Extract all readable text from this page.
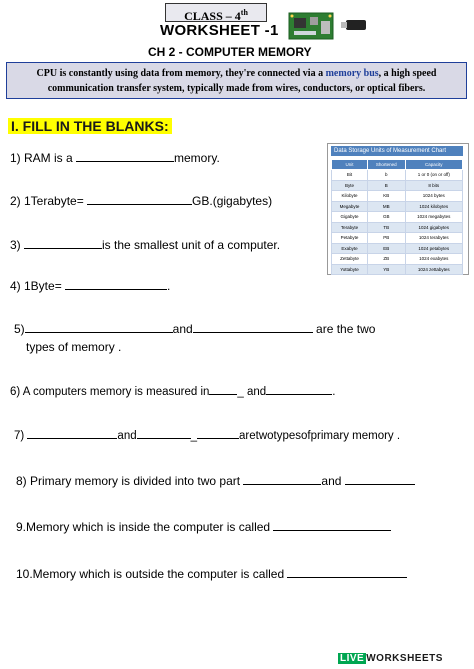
CLASS – 4th
WORKSHEET -1
CH 2 - COMPUTER MEMORY
CPU is constantly using data from memory, they're connected via a memory bus, a high speed communication transfer system, typically made from wires, conductors, or optical fibers.
I. FILL IN THE BLANKS:
1) RAM is a	memory.
2) 1Terabyte=	GB.(gigabytes)
3)	is the smallest unit of a computer.
4) 1Byte=	.
5)	and	are the two
types of memory .
6) A computers memory is measured in _ and	.
7)	and	_	aretwotypesofprimary memory .
8) Primary memory is divided into two part	and
9.Memory which is inside the computer is called
10.Memory which is outside the computer is called
Data Storage Units of Measurement Chart
Unit	Shortened	Capacity
Bit	b	1 or 0 (on or off)
Byte	B	8 bits
Kilobyte	KB	1024 bytes
Megabyte	MB	1024 kilobytes
Gigabyte	GB	1024 megabytes
Terabyte	TB	1024 gigabytes
Petabyte	PB	1024 terabytes
Exabyte	EB	1024 petabytes
Zettabyte	ZB	1024 exabytes
Yottabyte	YB	1024 zettabytes
LIVE WORKSHEETS
